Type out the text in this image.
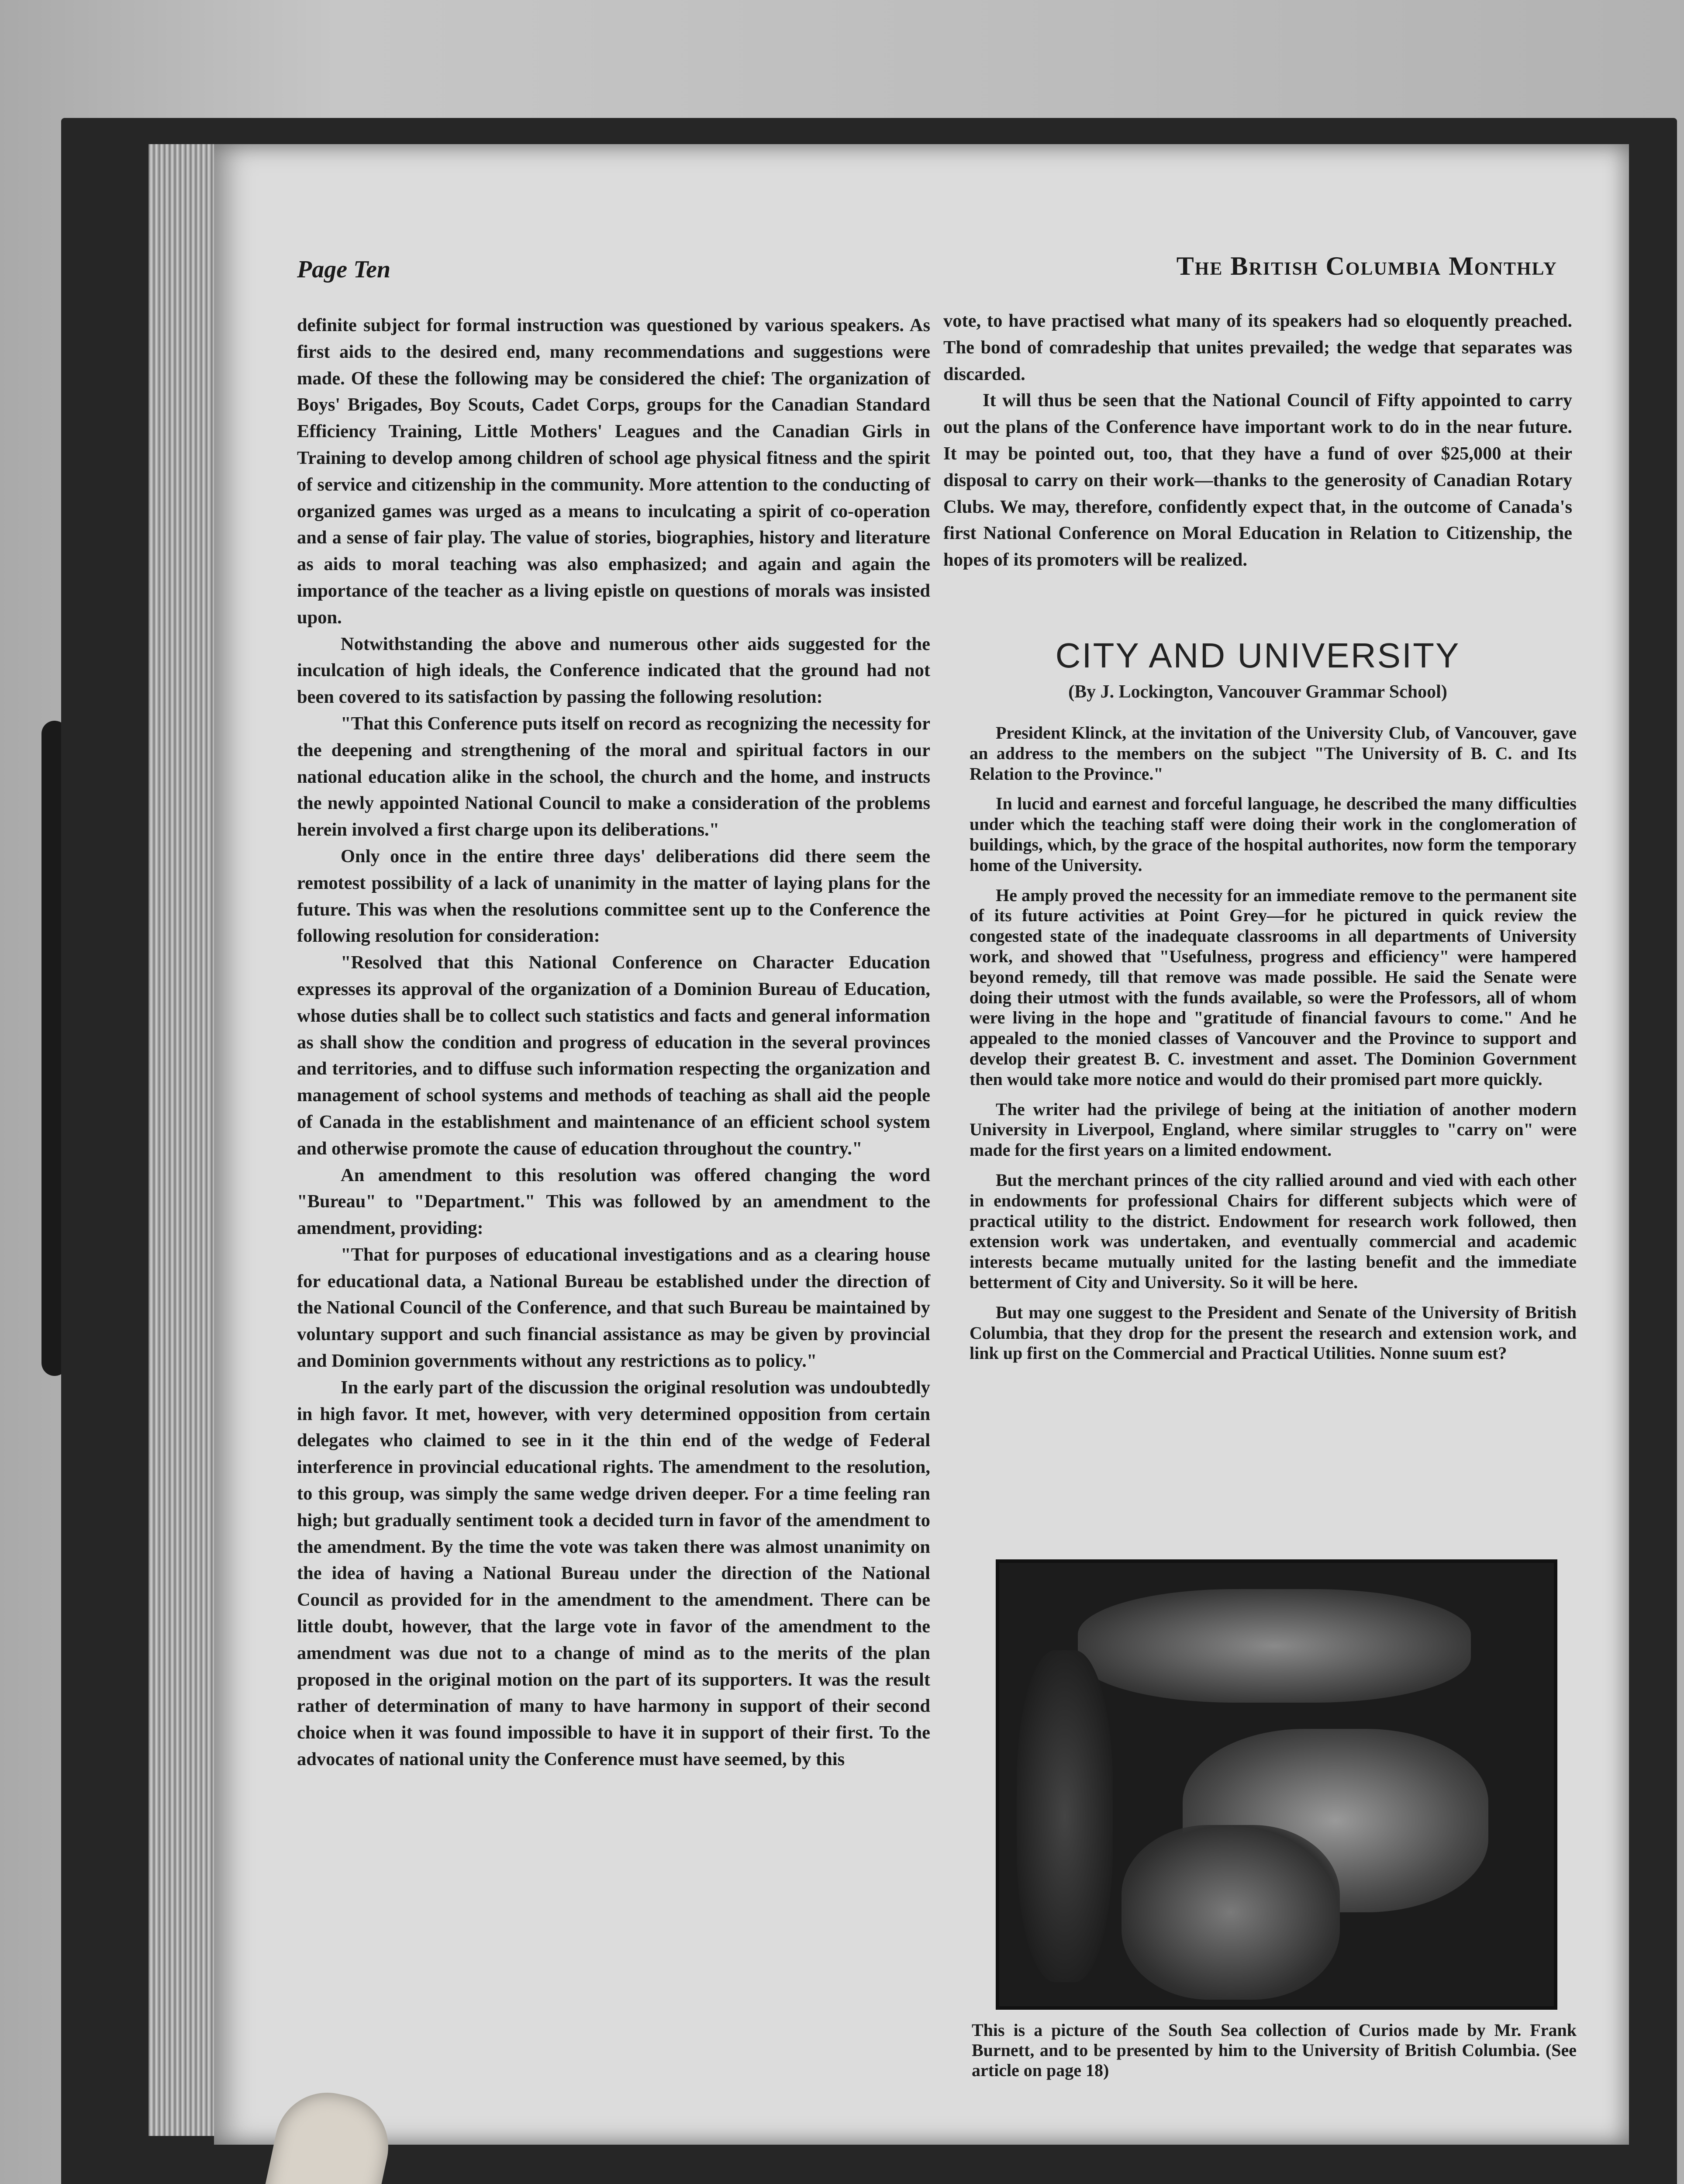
Page Ten	The British Columbia Monthly

definite subject for formal instruction was questioned by various speakers. As first aids to the desired end, many recommendations and suggestions were made. Of these the following may be considered the chief: The organization of Boys' Brigades, Boy Scouts, Cadet Corps, groups for the Canadian Standard Efficiency Training, Little Mothers' Leagues and the Canadian Girls in Training to develop among children of school age physical fitness and the spirit of service and citizenship in the community. More attention to the conducting of organized games was urged as a means to inculcating a spirit of co-operation and a sense of fair play. The value of stories, biographies, history and literature as aids to moral teaching was also emphasized; and again and again the importance of the teacher as a living epistle on questions of morals was insisted upon.

Notwithstanding the above and numerous other aids suggested for the inculcation of high ideals, the Conference indicated that the ground had not been covered to its satisfaction by passing the following resolution:

"That this Conference puts itself on record as recognizing the necessity for the deepening and strengthening of the moral and spiritual factors in our national education alike in the school, the church and the home, and instructs the newly appointed National Council to make a consideration of the problems herein involved a first charge upon its deliberations."

Only once in the entire three days' deliberations did there seem the remotest possibility of a lack of unanimity in the matter of laying plans for the future. This was when the resolutions committee sent up to the Conference the following resolution for consideration:

"Resolved that this National Conference on Character Education expresses its approval of the organization of a Dominion Bureau of Education, whose duties shall be to collect such statistics and facts and general information as shall show the condition and progress of education in the several provinces and territories, and to diffuse such information respecting the organization and management of school systems and methods of teaching as shall aid the people of Canada in the establishment and maintenance of an efficient school system and otherwise promote the cause of education throughout the country."

An amendment to this resolution was offered changing the word "Bureau" to "Department." This was followed by an amendment to the amendment, providing:

"That for purposes of educational investigations and as a clearing house for educational data, a National Bureau be established under the direction of the National Council of the Conference, and that such Bureau be maintained by voluntary support and such financial assistance as may be given by provincial and Dominion governments without any restrictions as to policy."

In the early part of the discussion the original resolution was undoubtedly in high favor. It met, however, with very determined opposition from certain delegates who claimed to see in it the thin end of the wedge of Federal interference in provincial educational rights. The amendment to the resolution, to this group, was simply the same wedge driven deeper. For a time feeling ran high; but gradually sentiment took a decided turn in favor of the amendment to the amendment. By the time the vote was taken there was almost unanimity on the idea of having a National Bureau under the direction of the National Council as provided for in the amendment to the amendment. There can be little doubt, however, that the large vote in favor of the amendment to the amendment was due not to a change of mind as to the merits of the plan proposed in the original motion on the part of its supporters. It was the result rather of determination of many to have harmony in support of their second choice when it was found impossible to have it in support of their first. To the advocates of national unity the Conference must have seemed, by this

vote, to have practised what many of its speakers had so eloquently preached. The bond of comradeship that unites prevailed; the wedge that separates was discarded.

It will thus be seen that the National Council of Fifty appointed to carry out the plans of the Conference have important work to do in the near future. It may be pointed out, too, that they have a fund of over $25,000 at their disposal to carry on their work—thanks to the generosity of Canadian Rotary Clubs. We may, therefore, confidently expect that, in the outcome of Canada's first National Conference on Moral Education in Relation to Citizenship, the hopes of its promoters will be realized.

CITY AND UNIVERSITY
(By J. Lockington, Vancouver Grammar School)

President Klinck, at the invitation of the University Club, of Vancouver, gave an address to the members on the subject "The University of B. C. and Its Relation to the Province."

In lucid and earnest and forceful language, he described the many difficulties under which the teaching staff were doing their work in the conglomeration of buildings, which, by the grace of the hospital authorites, now form the temporary home of the University.

He amply proved the necessity for an immediate remove to the permanent site of its future activities at Point Grey—for he pictured in quick review the congested state of the inadequate classrooms in all departments of University work, and showed that "Usefulness, progress and efficiency" were hampered beyond remedy, till that remove was made possible. He said the Senate were doing their utmost with the funds available, so were the Professors, all of whom were living in the hope and "gratitude of financial favours to come." And he appealed to the monied classes of Vancouver and the Province to support and develop their greatest B. C. investment and asset. The Dominion Government then would take more notice and would do their promised part more quickly.

The writer had the privilege of being at the initiation of another modern University in Liverpool, England, where similar struggles to "carry on" were made for the first years on a limited endowment.

But the merchant princes of the city rallied around and vied with each other in endowments for professional Chairs for different subjects which were of practical utility to the district. Endowment for research work followed, then extension work was undertaken, and eventually commercial and academic interests became mutually united for the lasting benefit and the immediate betterment of City and University. So it will be here.

But may one suggest to the President and Senate of the University of British Columbia, that they drop for the present the research and extension work, and link up first on the Commercial and Practical Utilities. Nonne suum est?

This is a picture of the South Sea collection of Curios made by Mr. Frank Burnett, and to be presented by him to the University of British Columbia. (See article on page 18)
